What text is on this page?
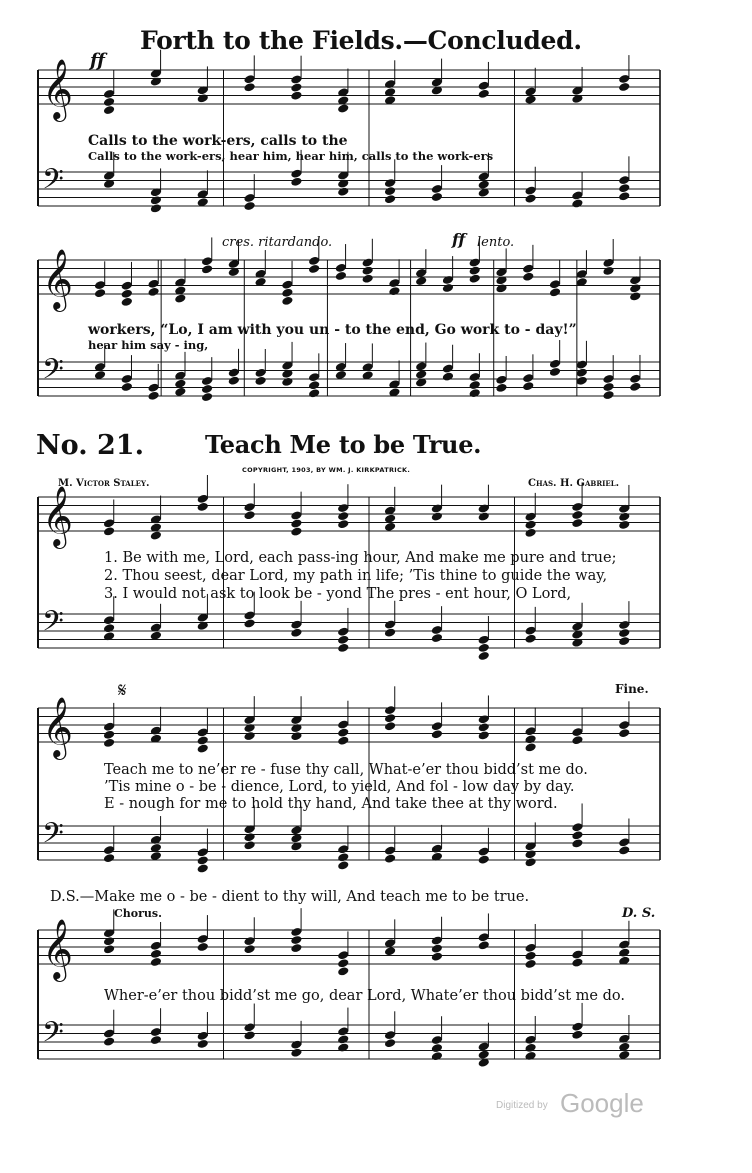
𝄞
𝄢
𝄞
𝄢
𝄞
𝄢
𝄞
𝄢
𝄞
𝄢
Forth to the Fields.—Concluded.
ff
Calls to the work-ers, calls to the
Calls to the work-ers, hear him, hear him, calls to the work-ers
cres. ritardando.	ff lento.
workers, “Lo, I am with you un - to the end, Go work to - day!”
hear him say - ing,
No. 21.	Teach Me to be True.
COPYRIGHT, 1903, BY WM. J. KIRKPATRICK.
M. Victor Staley.	Chas. H. Gabriel.
1. Be with me, Lord, each pass-ing hour, And make me pure and true;
2. Thou seest, dear Lord, my path in life; ’Tis thine to guide the way,
3. I would not ask to look be - yond The pres - ent hour, O Lord,
𝄋	Fine.
Teach me to ne’er re - fuse thy call, What-e’er thou bidd’st me do.
’Tis mine o - be - dience, Lord, to yield, And fol - low day by day.
E - nough for me to hold thy hand, And take thee at thy word.
D.S.—Make me o - be - dient to thy will, And teach me to be true.
Chorus.	D. S.
Wher-e’er thou bidd’st me go, dear Lord, Whate’er thou bidd’st me do.
Digitized by Google
